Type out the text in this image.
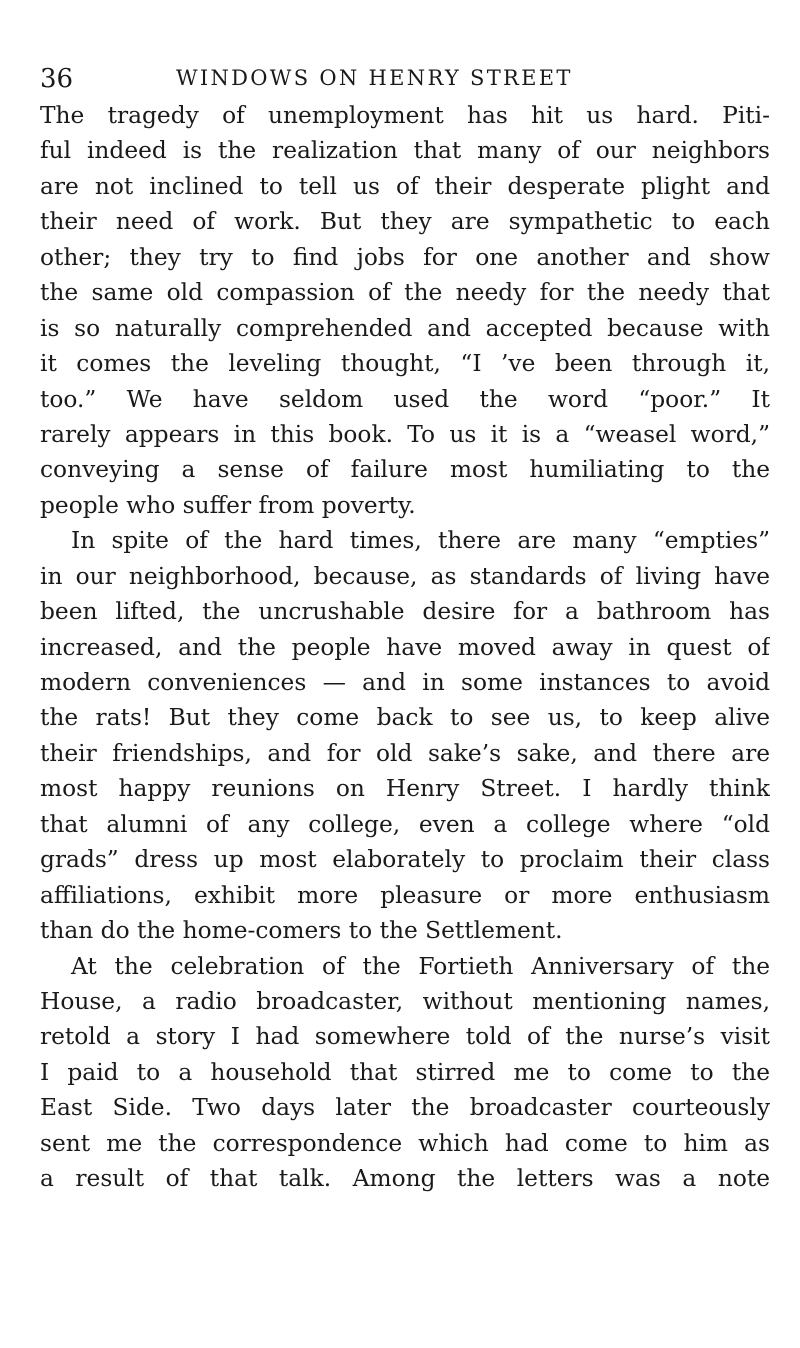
36	WINDOWS ON HENRY STREET
The tragedy of unemployment has hit us hard. Piti-
ful indeed is the realization that many of our neighbors
are not inclined to tell us of their desperate plight and
their need of work. But they are sympathetic to each
other; they try to find jobs for one another and show
the same old compassion of the needy for the needy that
is so naturally comprehended and accepted because with
it comes the leveling thought, “I ’ve been through it,
too.” We have seldom used the word “poor.” It
rarely appears in this book. To us it is a “weasel word,”
conveying a sense of failure most humiliating to the
people who suffer from poverty.
In spite of the hard times, there are many “empties”
in our neighborhood, because, as standards of living have
been lifted, the uncrushable desire for a bathroom has
increased, and the people have moved away in quest of
modern conveniences — and in some instances to avoid
the rats! But they come back to see us, to keep alive
their friendships, and for old sake’s sake, and there are
most happy reunions on Henry Street. I hardly think
that alumni of any college, even a college where “old
grads” dress up most elaborately to proclaim their class
affiliations, exhibit more pleasure or more enthusiasm
than do the home-comers to the Settlement.
At the celebration of the Fortieth Anniversary of the
House, a radio broadcaster, without mentioning names,
retold a story I had somewhere told of the nurse’s visit
I paid to a household that stirred me to come to the
East Side. Two days later the broadcaster courteously
sent me the correspondence which had come to him as
a result of that talk. Among the letters was a note
